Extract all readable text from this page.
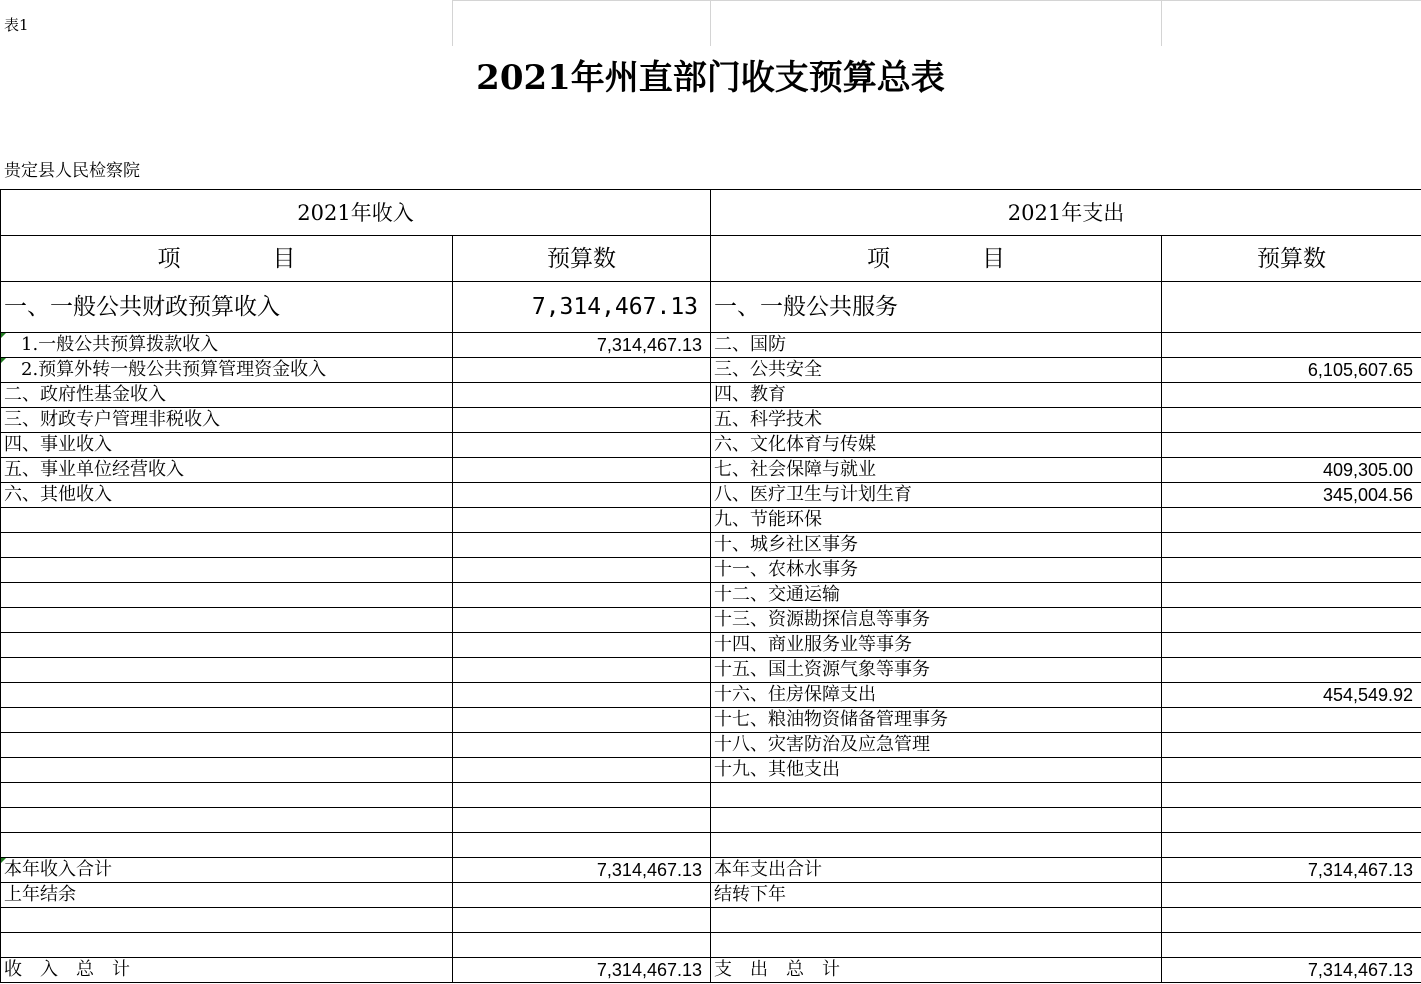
表1
2021年州直部门收支预算总表
贵定县人民检察院
2021年收入		2021年支出	
项　　　　目	预算数	项　　　　目	预算数
一、一般公共财政预算收入	7,314,467.13	一、一般公共服务	
1.一般公共预算拨款收入	7,314,467.13	二、国防	
2.预算外转一般公共预算管理资金收入		三、公共安全	6,105,607.65
二、政府性基金收入		四、教育	
三、财政专户管理非税收入		五、科学技术	
四、事业收入		六、文化体育与传媒	
五、事业单位经营收入		七、社会保障与就业	409,305.00
六、其他收入		八、医疗卫生与计划生育	345,004.56
		九、节能环保	
		十、城乡社区事务	
		十一、农林水事务	
		十二、交通运输	
		十三、资源勘探信息等事务	
		十四、商业服务业等事务	
		十五、国土资源气象等事务	
		十六、住房保障支出	454,549.92
		十七、粮油物资储备管理事务	
		十八、灾害防治及应急管理	
		十九、其他支出	

本年收入合计	7,314,467.13	本年支出合计	7,314,467.13
上年结余		结转下年	

收　入　总　计	7,314,467.13	支　出　总　计	7,314,467.13
